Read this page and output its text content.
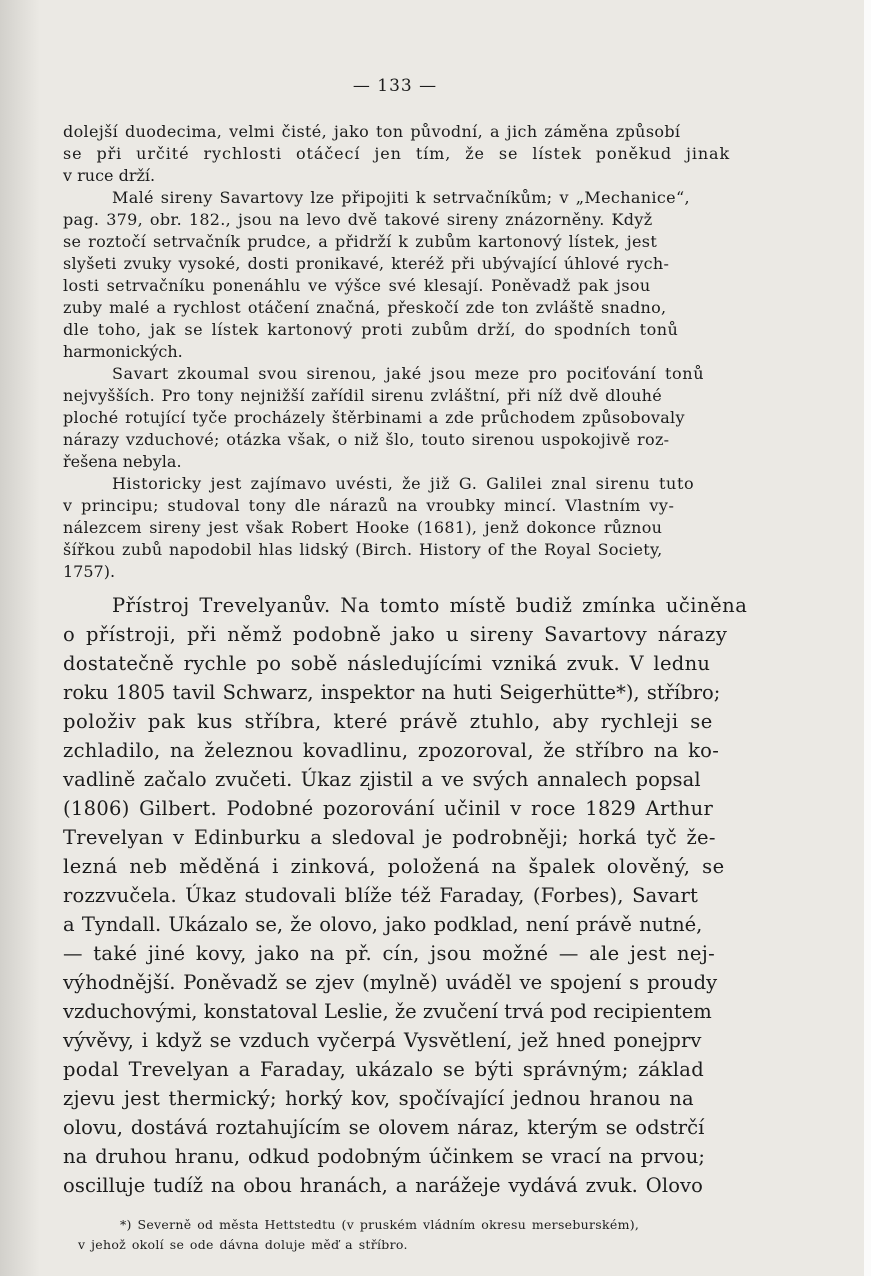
— 133 —

dolejší duodecima, velmi čisté, jako ton původní, a jich záměna způsobí

se při určité rychlosti otáčecí jen tím, že se lístek poněkud jinak

v ruce drží.

Malé sireny Savartovy lze připojiti k setrvačníkům; v „Mechanice“,

pag. 379, obr. 182., jsou na levo dvě takové sireny znázorněny. Když

se roztočí setrvačník prudce, a přidrží k zubům kartonový lístek, jest

slyšeti zvuky vysoké, dosti pronikavé, kteréž při ubývající úhlové rych-

losti setrvačníku ponenáhlu ve výšce své klesají. Poněvadž pak jsou

zuby malé a rychlost otáčení značná, přeskočí zde ton zvláště snadno,

dle toho, jak se lístek kartonový proti zubům drží, do spodních tonů

harmonických.

Savart zkoumal svou sirenou, jaké jsou meze pro pociťování tonů

nejvyšších. Pro tony nejnižší zařídil sirenu zvláštní, při níž dvě dlouhé

ploché rotující tyče procházely štěrbinami a zde průchodem způsobovaly

nárazy vzduchové; otázka však, o niž šlo, touto sirenou uspokojivě roz-

řešena nebyla.

Historicky jest zajímavo uvésti, že již G. Galilei znal sirenu tuto

v principu; studoval tony dle nárazů na vroubky mincí. Vlastním vy-

nálezcem sireny jest však Robert Hooke (1681), jenž dokonce různou

šířkou zubů napodobil hlas lidský (Birch. History of the Royal Society,

1757).

Přístroj Trevelyanův. Na tomto místě budiž zmínka učiněna

o přístroji, při němž podobně jako u sireny Savartovy nárazy

dostatečně rychle po sobě následujícími vzniká zvuk. V lednu

roku 1805 tavil Schwarz, inspektor na huti Seigerhütte*), stříbro;

položiv pak kus stříbra, které právě ztuhlo, aby rychleji se

zchladilo, na železnou kovadlinu, zpozoroval, že stříbro na ko-

vadlině začalo zvučeti. Úkaz zjistil a ve svých annalech popsal

(1806) Gilbert. Podobné pozorování učinil v roce 1829 Arthur

Trevelyan v Edinburku a sledoval je podrobněji; horká tyč že-

lezná neb měděná i zinková, položená na špalek olověný, se

rozzvučela. Úkaz studovali blíže též Faraday, (Forbes), Savart

a Tyndall. Ukázalo se, že olovo, jako podklad, není právě nutné,

— také jiné kovy, jako na př. cín, jsou možné — ale jest nej-

výhodnější. Poněvadž se zjev (mylně) uváděl ve spojení s proudy

vzduchovými, konstatoval Leslie, že zvučení trvá pod recipientem

vývěvy, i když se vzduch vyčerpá Vysvětlení, jež hned ponejprv

podal Trevelyan a Faraday, ukázalo se býti správným; základ

zjevu jest thermický; horký kov, spočívající jednou hranou na

olovu, dostává roztahujícím se olovem náraz, kterým se odstrčí

na druhou hranu, odkud podobným účinkem se vrací na prvou;

oscilluje tudíž na obou hranách, a narážeje vydává zvuk. Olovo

*) Severně od města Hettstedtu (v pruském vládním okresu merseburském),

v jehož okolí se ode dávna doluje měď a stříbro.
